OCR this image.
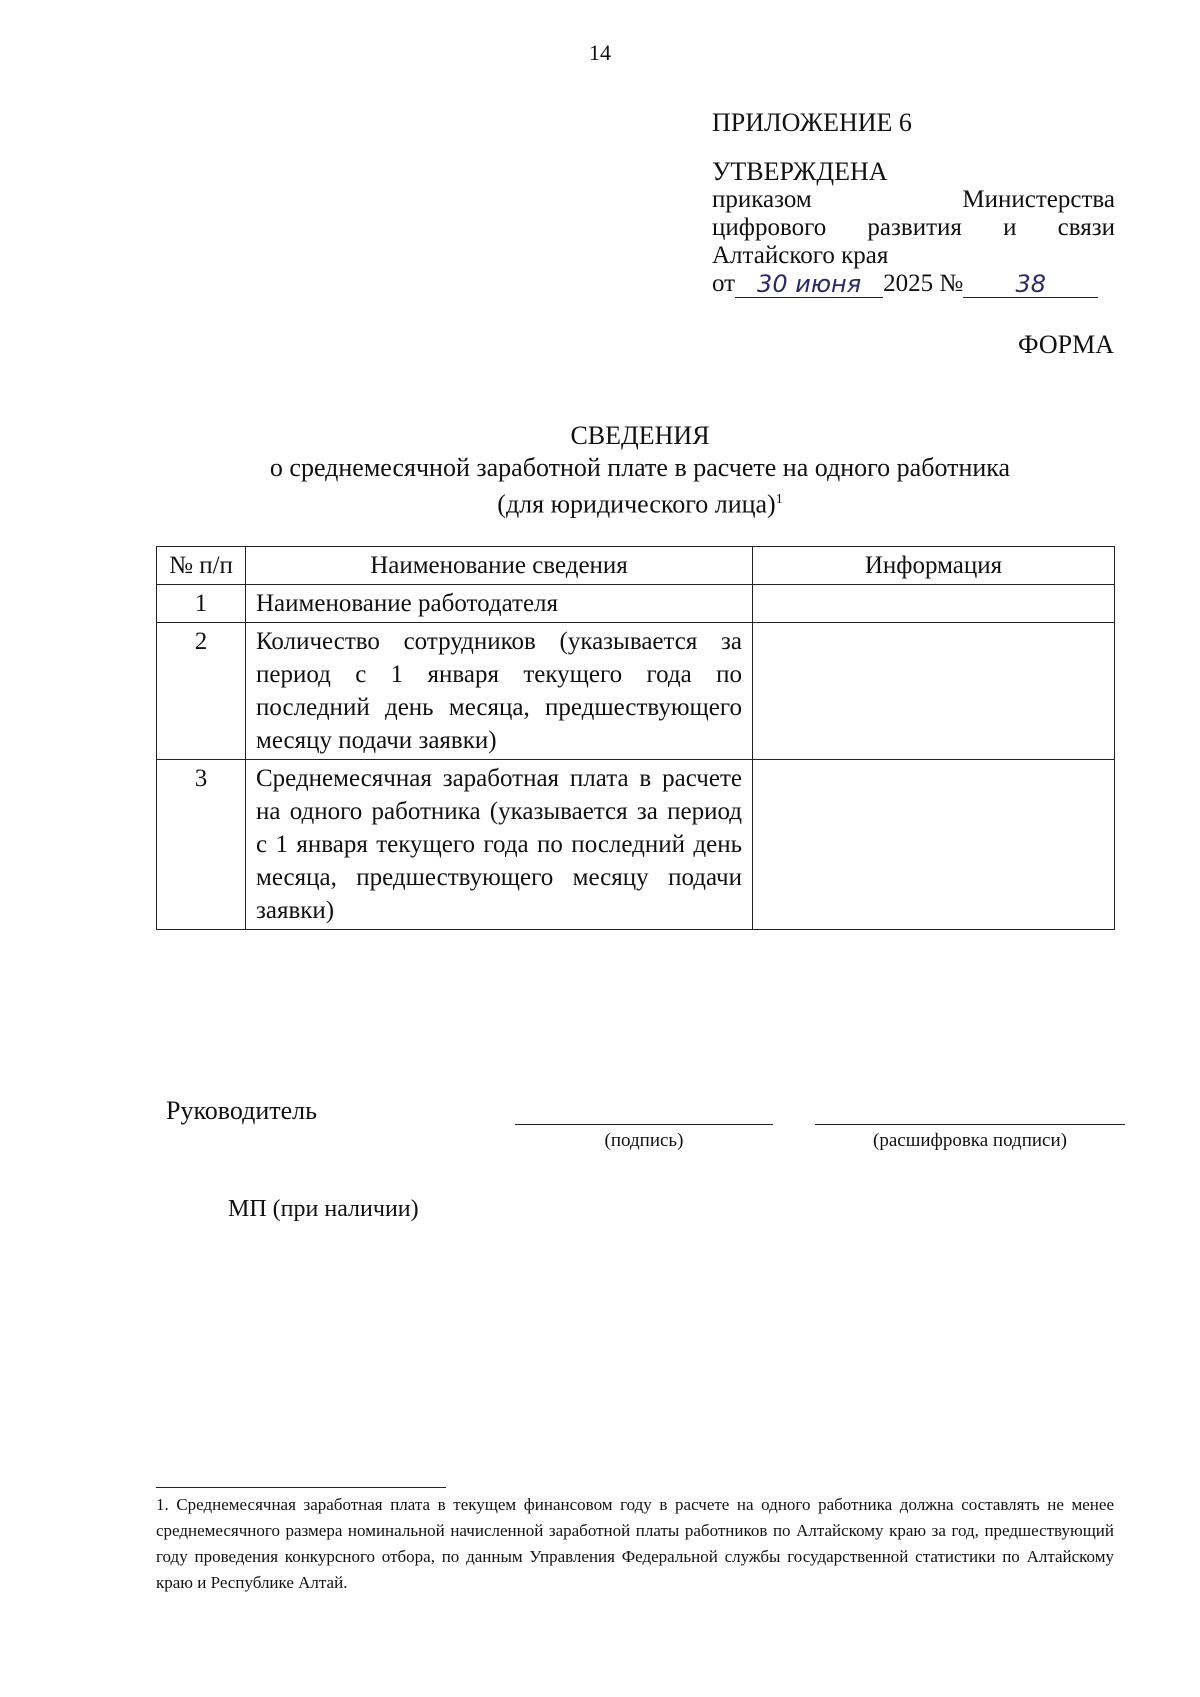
14
ПРИЛОЖЕНИЕ 6
УТВЕРЖДЕНА
приказом Министерства
цифрового развития и связи
Алтайского края
от 30 июня 2025 №	38
ФОРМА
СВЕДЕНИЯ
о среднемесячной заработной плате в расчете на одного работника
(для юридического лица)$^1$
№ п/п	Наименование сведения	Информация
1	Наименование работодателя	
2	Количество сотрудников (указывается за период с 1 января текущего года по последний день месяца, предшествующего месяцу подачи заявки)	
3	Среднемесячная заработная плата в расчете на одного работника (указывается за период с 1 января текущего года по последний день месяца, предшествующего месяцу подачи заявки)	
Руководитель
(подпись)	(расшифровка подписи)
МП (при наличии)
1. Среднемесячная заработная плата в текущем финансовом году в расчете на одного работника должна составлять не менее среднемесячного размера номинальной начисленной заработной платы работников по Алтайскому краю за год, предшествующий году проведения конкурсного отбора, по данным Управления Федеральной службы государственной статистики по Алтайскому краю и Республике Алтай.
